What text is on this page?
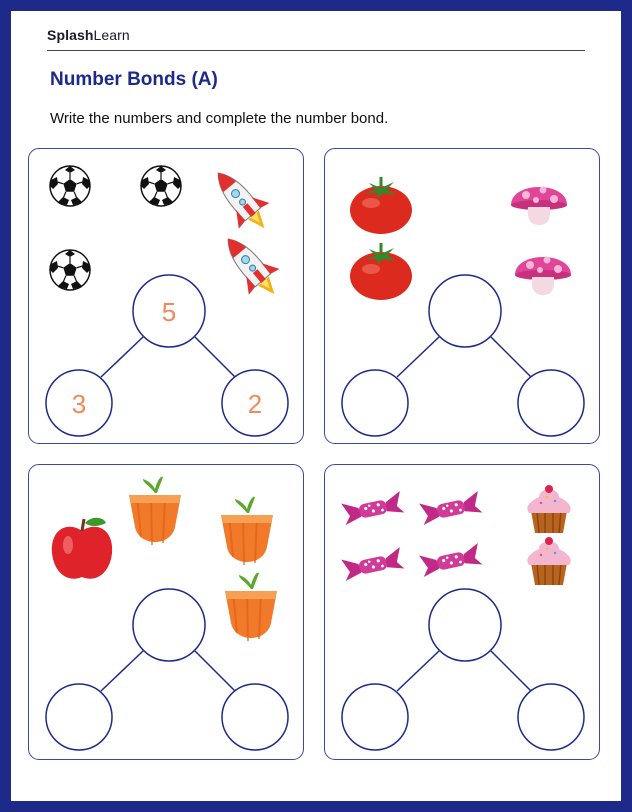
SplashLearn
Number Bonds (A)
Write the numbers and complete the number bond.
5
3	2
